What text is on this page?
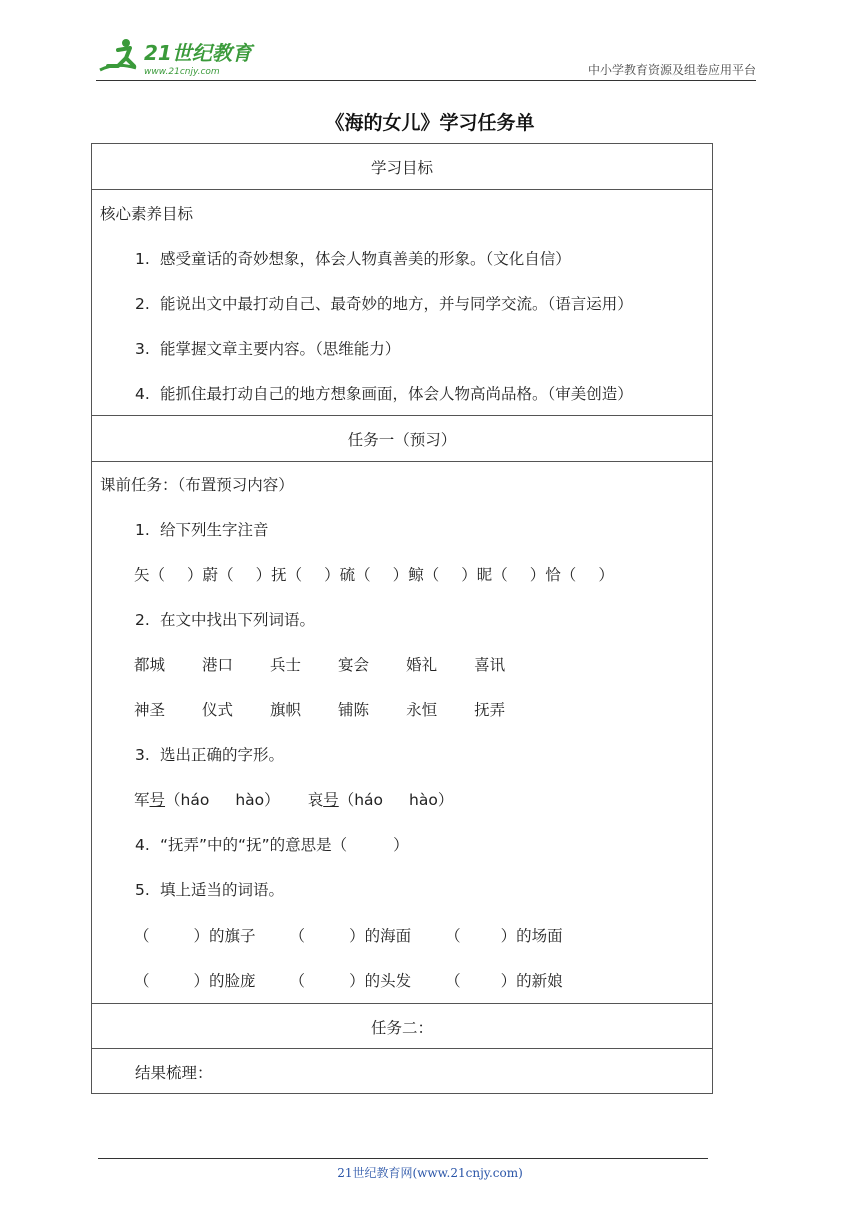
21世纪教育
www.21cnjy.com	中小学教育资源及组卷应用平台
《海的女儿》学习任务单
学习目标
核心素养目标
1. 感受童话的奇妙想象，体会人物真善美的形象。（文化自信）
2. 能说出文中最打动自己、最奇妙的地方，并与同学交流。（语言运用）
3. 能掌握文章主要内容。（思维能力）
4. 能抓住最打动自己的地方想象画面，体会人物高尚品格。（审美创造）
任务一（预习）
课前任务：（布置预习内容）
1. 给下列生字注音
矢（ ）蔚（ ）抚（ ）硫（ ）鲸（ ）昵（ ）恰（ ）
2. 在文中找出下列词语。
都城 港口 兵士 宴会 婚礼 喜讯
神圣 仪式 旗帜 铺陈 永恒 抚弄
3. 选出正确的字形。
军号（háo hào） 哀号（háo hào）
4. “抚弄”中的“抚”的意思是（	）
5. 填上适当的词语。
（	）的旗子 （	）的海面 （	）的场面
（	）的脸庞 （	）的头发 （	）的新娘
任务二：
结果梳理：
21世纪教育网(www.21cnjy.com)
